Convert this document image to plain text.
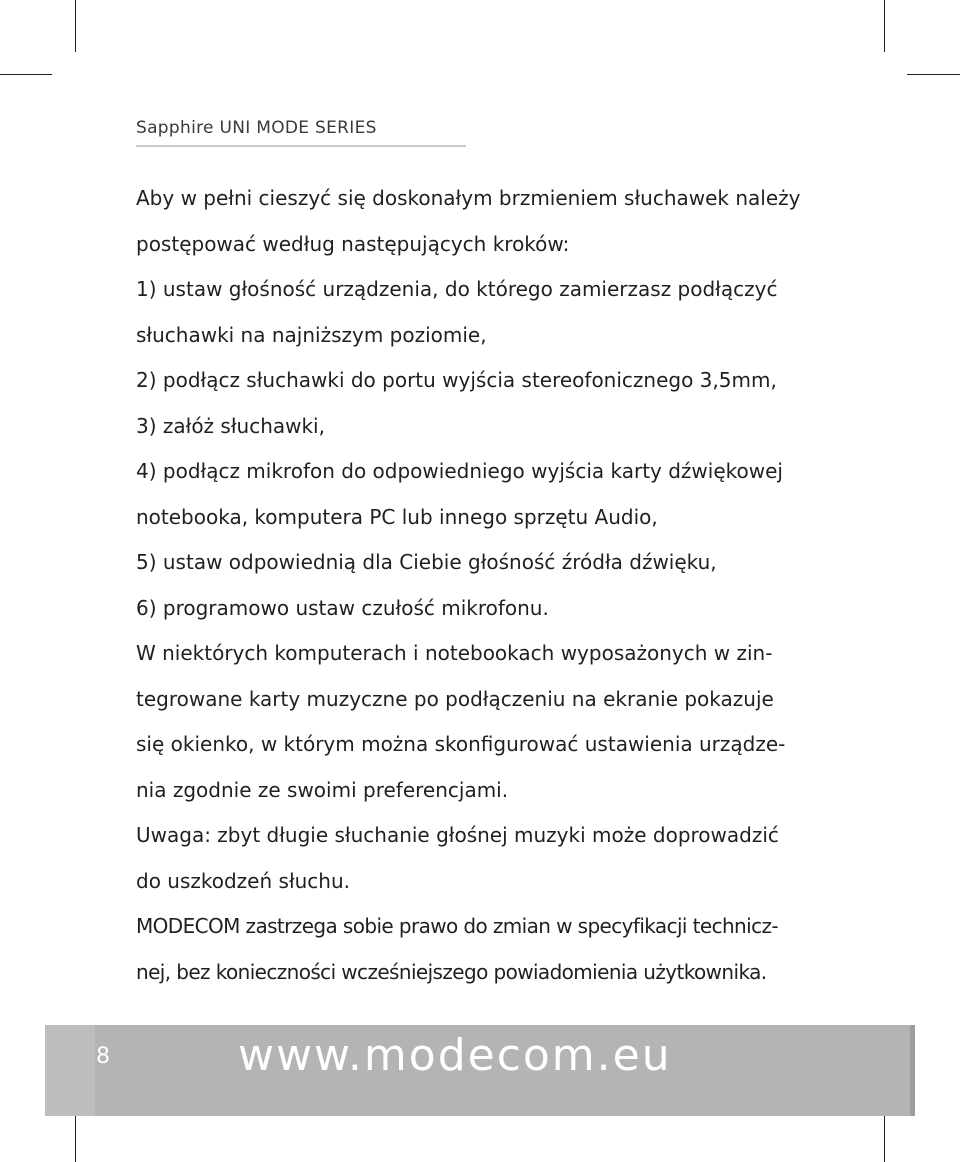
Sapphire UNI MODE SERIES
Aby w pełni cieszyć się doskonałym brzmieniem słuchawek należy
postępować według następujących kroków:
1) ustaw głośność urządzenia, do którego zamierzasz podłączyć
słuchawki na najniższym poziomie,
2) podłącz słuchawki do portu wyjścia stereofonicznego 3,5mm,
3) załóż słuchawki,
4) podłącz mikrofon do odpowiedniego wyjścia karty dźwiękowej
notebooka, komputera PC lub innego sprzętu Audio,
5) ustaw odpowiednią dla Ciebie głośność źródła dźwięku,
6) programowo ustaw czułość mikrofonu.
W niektórych komputerach i notebookach wyposażonych w zin-
tegrowane karty muzyczne po podłączeniu na ekranie pokazuje
się okienko, w którym można skonfigurować ustawienia urządze-
nia zgodnie ze swoimi preferencjami.
Uwaga: zbyt długie słuchanie głośnej muzyki może doprowadzić
do uszkodzeń słuchu.
MODECOM zastrzega sobie prawo do zmian w specyfikacji technicz-
nej, bez konieczności wcześniejszego powiadomienia użytkownika.
8	www.modecom.eu
